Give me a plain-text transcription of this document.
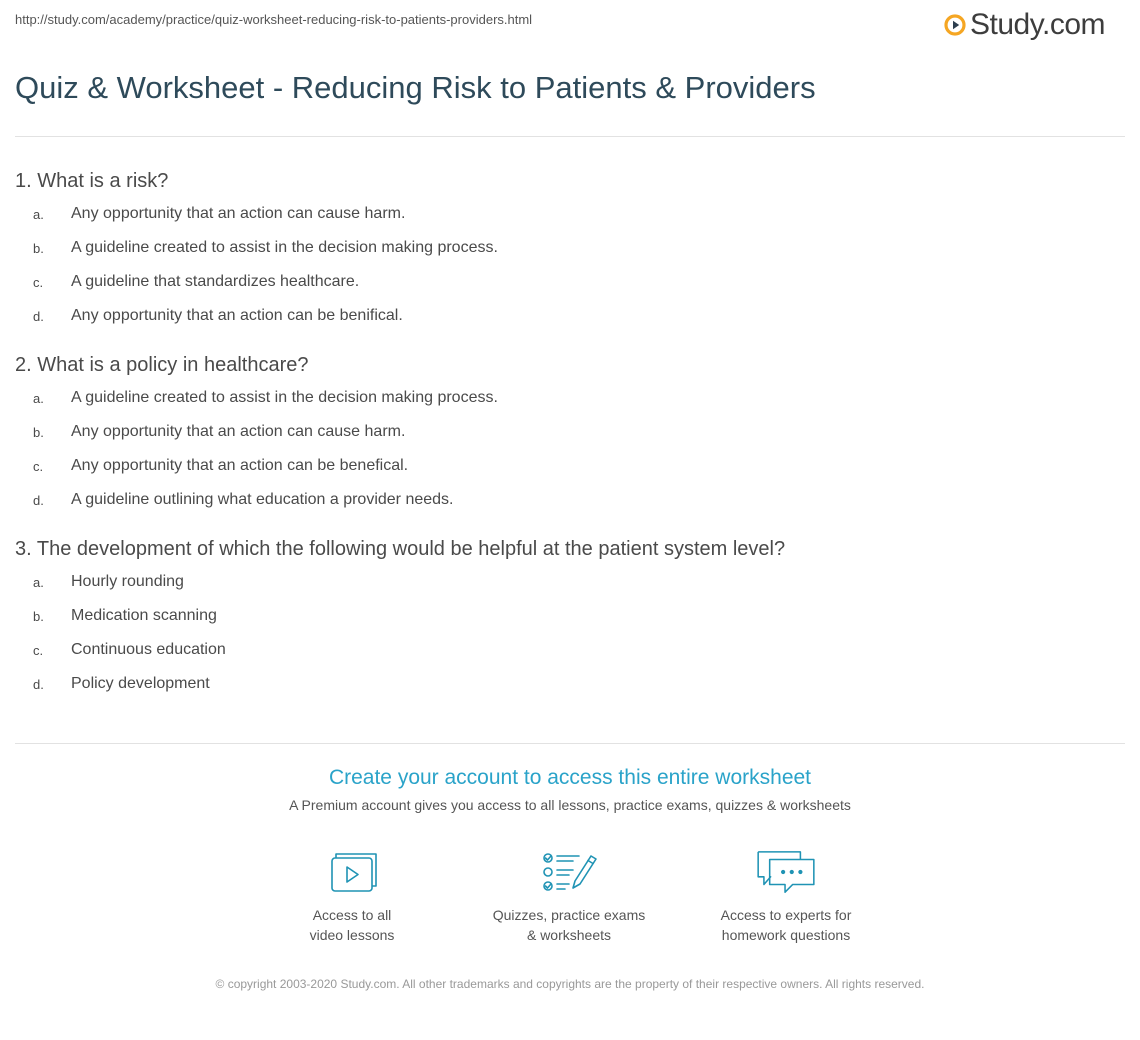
http://study.com/academy/practice/quiz-worksheet-reducing-risk-to-patients-providers.html	Study.com
Quiz & Worksheet - Reducing Risk to Patients & Providers
1. What is a risk?
a.	Any opportunity that an action can cause harm.
b.	A guideline created to assist in the decision making process.
c.	A guideline that standardizes healthcare.
d.	Any opportunity that an action can be benifical.
2. What is a policy in healthcare?
a.	A guideline created to assist in the decision making process.
b.	Any opportunity that an action can cause harm.
c.	Any opportunity that an action can be benefical.
d.	A guideline outlining what education a provider needs.
3. The development of which the following would be helpful at the patient system level?
a.	Hourly rounding
b.	Medication scanning
c.	Continuous education
d.	Policy development
Create your account to access this entire worksheet
A Premium account gives you access to all lessons, practice exams, quizzes & worksheets
Access to all
video lessons
Quizzes, practice exams
& worksheets
Access to experts for
homework questions
© copyright 2003-2020 Study.com. All other trademarks and copyrights are the property of their respective owners. All rights reserved.
